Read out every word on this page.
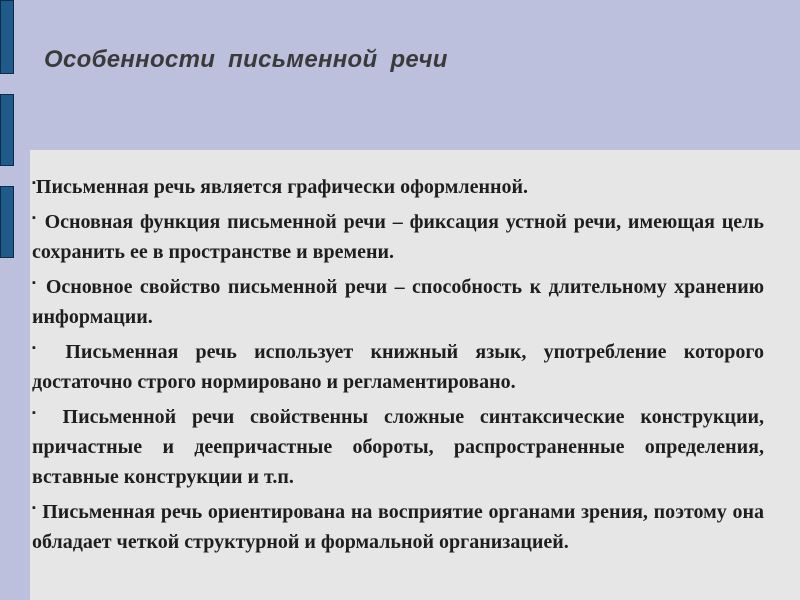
Особенности письменной речи

▪Письменная речь является графически оформленной.

▪ Основная функция письменной речи – фиксация устной речи, имеющая цель сохранить ее в пространстве и времени.

▪ Основное свойство письменной речи – способность к длительному хранению информации.

▪ Письменная речь использует книжный язык, употребление которого достаточно строго нормировано и регламентировано.

▪ Письменной речи свойственны сложные синтаксические конструкции, причастные и деепричастные обороты, распространенные определения, вставные конструкции и т.п.

▪ Письменная речь ориентирована на восприятие органами зрения, поэтому она обладает четкой структурной и формальной организацией.
